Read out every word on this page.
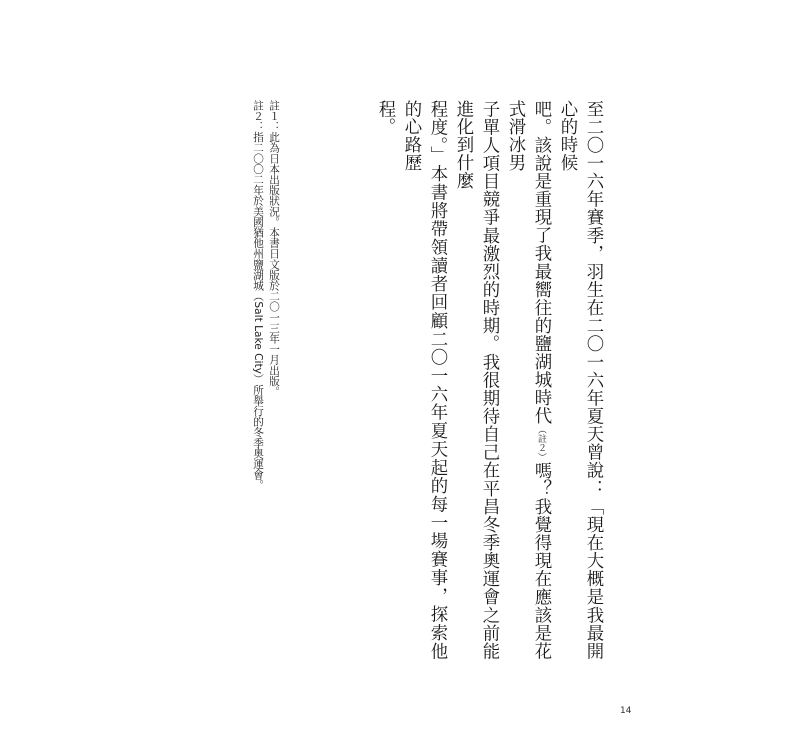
至二〇一六年賽季，羽生在二〇一六年夏天曾說：「現在大概是我最開心的時候
吧。該說是重現了我最嚮往的鹽湖城時代（註２）嗎？我覺得現在應該是花式滑冰男
子單人項目競爭最激烈的時期。我很期待自己在平昌冬季奧運會之前能進化到什麼
程度。」本書將帶領讀者回顧二〇一六年夏天起的每一場賽事，探索他的心路歷
程。
註１：此為日本出版狀況。本書日文版於二〇一三年一月出版。
註２：指二〇〇二年於美國猶他州鹽湖城（Salt Lake City）所舉行的冬季奧運會。
14
